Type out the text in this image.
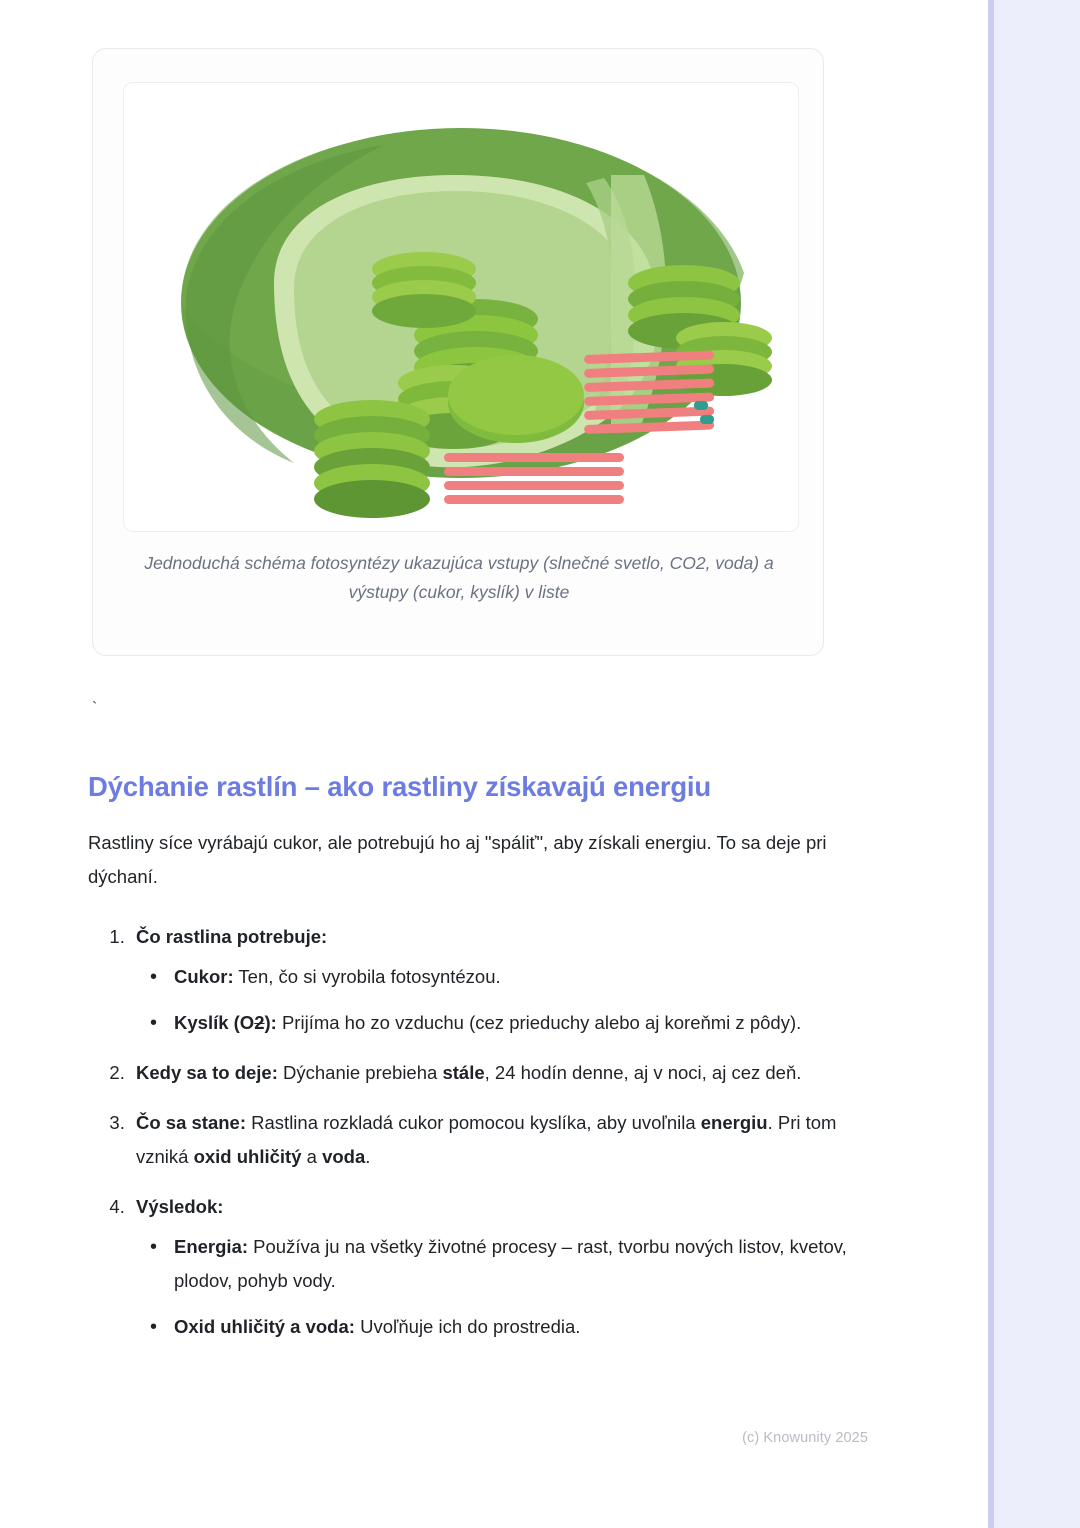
Jednoduchá schéma fotosyntézy ukazujúca vstupy (slnečné svetlo, CO2, voda) a výstupy (cukor, kyslík) v liste
`
Dýchanie rastlín – ako rastliny získavajú energiu

Rastliny síce vyrábajú cukor, ale potrebujú ho aj "spáliť", aby získali energiu. To sa deje pri dýchaní.

1. Čo rastlina potrebuje:
• Cukor: Ten, čo si vyrobila fotosyntézou.
• Kyslík (O2): Prijíma ho zo vzduchu (cez prieduchy alebo aj koreňmi z pôdy).
2. Kedy sa to deje: Dýchanie prebieha stále, 24 hodín denne, aj v noci, aj cez deň.
3. Čo sa stane: Rastlina rozkladá cukor pomocou kyslíka, aby uvoľnila energiu. Pri tom vzniká oxid uhličitý a voda.
4. Výsledok:
• Energia: Používa ju na všetky životné procesy – rast, tvorbu nových listov, kvetov, plodov, pohyb vody.
• Oxid uhličitý a voda: Uvoľňuje ich do prostredia.
(c) Knowunity 2025
